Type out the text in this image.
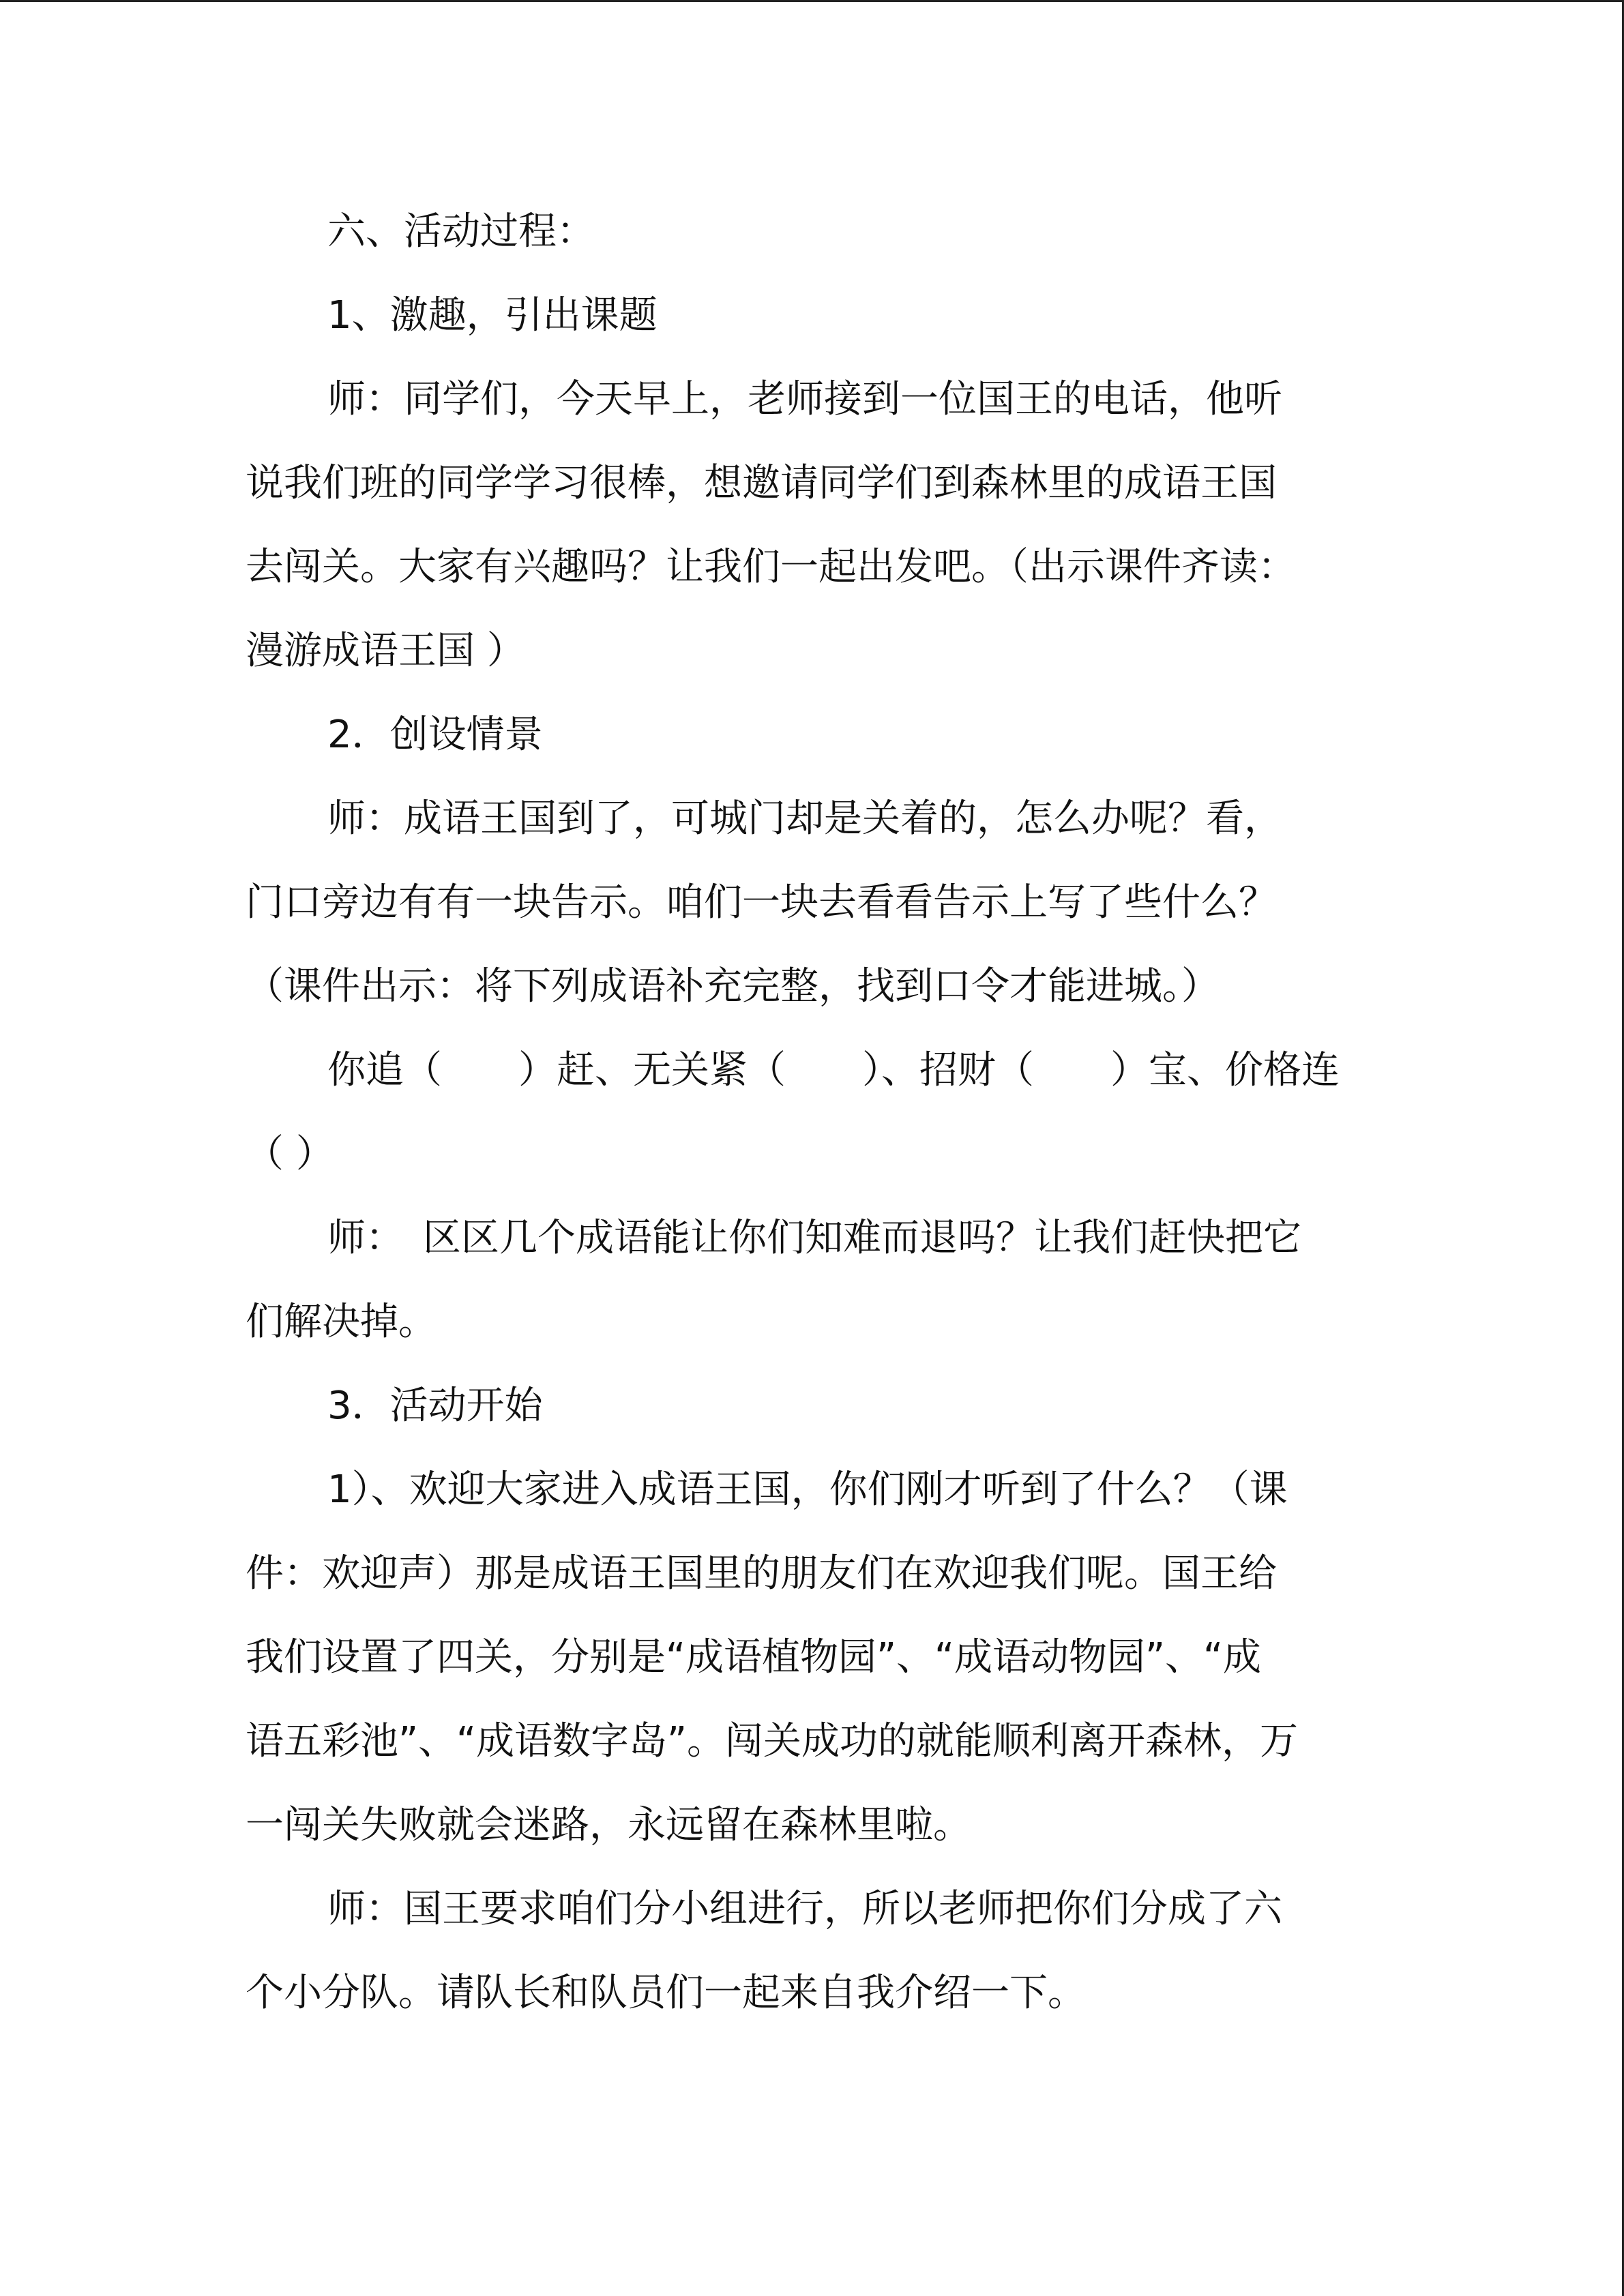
六、活动过程：
1、激趣，引出课题
师：同学们，今天早上，老师接到一位国王的电话，他听
说我们班的同学学习很棒，想邀请同学们到森林里的成语王国
去闯关。大家有兴趣吗？让我们一起出发吧。（出示课件齐读：
漫游成语王国 ）
2．创设情景
师：成语王国到了，可城门却是关着的，怎么办呢？看，
门口旁边有有一块告示。咱们一块去看看告示上写了些什么？
（课件出示：将下列成语补充完整，找到口令才能进城。）
你追（　　）赶、无关紧（　　）、招财（　　）宝、价格连
（ ）
师：　区区几个成语能让你们知难而退吗？让我们赶快把它
们解决掉。
3．活动开始
1）、欢迎大家进入成语王国，你们刚才听到了什么？（课
件：欢迎声）那是成语王国里的朋友们在欢迎我们呢。国王给
我们设置了四关，分别是“成语植物园”、“成语动物园”、“成
语五彩池”、“成语数字岛”。闯关成功的就能顺利离开森林，万
一闯关失败就会迷路，永远留在森林里啦。
师：国王要求咱们分小组进行，所以老师把你们分成了六
个小分队。请队长和队员们一起来自我介绍一下。
